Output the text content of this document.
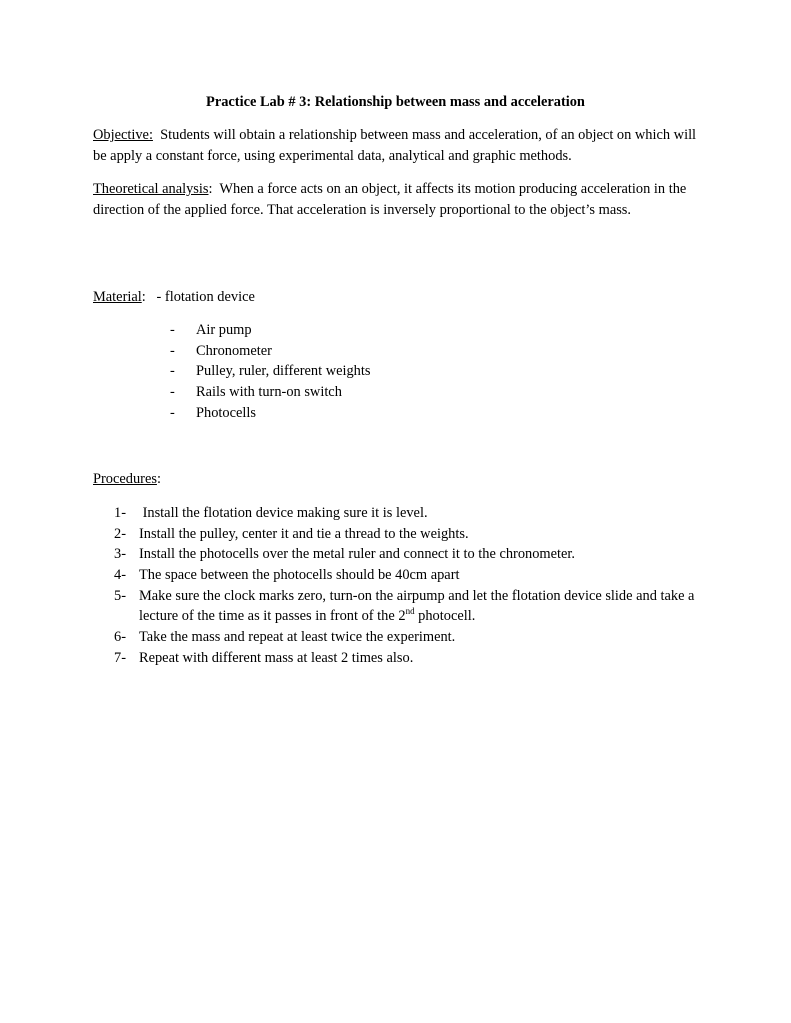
Practice Lab # 3: Relationship between mass and acceleration
Objective: Students will obtain a relationship between mass and acceleration, of an object on which will be apply a constant force, using experimental data, analytical and graphic methods.
Theoretical analysis: When a force acts on an object, it affects its motion producing acceleration in the direction of the applied force. That acceleration is inversely proportional to the object’s mass.
Material:   - flotation device
- Air pump
- Chronometer
- Pulley, ruler, different weights
- Rails with turn-on switch
- Photocells
Procedures:
1- Install the flotation device making sure it is level.
2- Install the pulley, center it and tie a thread to the weights.
3- Install the photocells over the metal ruler and connect it to the chronometer.
4- The space between the photocells should be 40cm apart
5- Make sure the clock marks zero, turn-on the airpump and let the flotation device slide and take a lecture of the time as it passes in front of the 2nd photocell.
6- Take the mass and repeat at least twice the experiment.
7- Repeat with different mass at least 2 times also.
